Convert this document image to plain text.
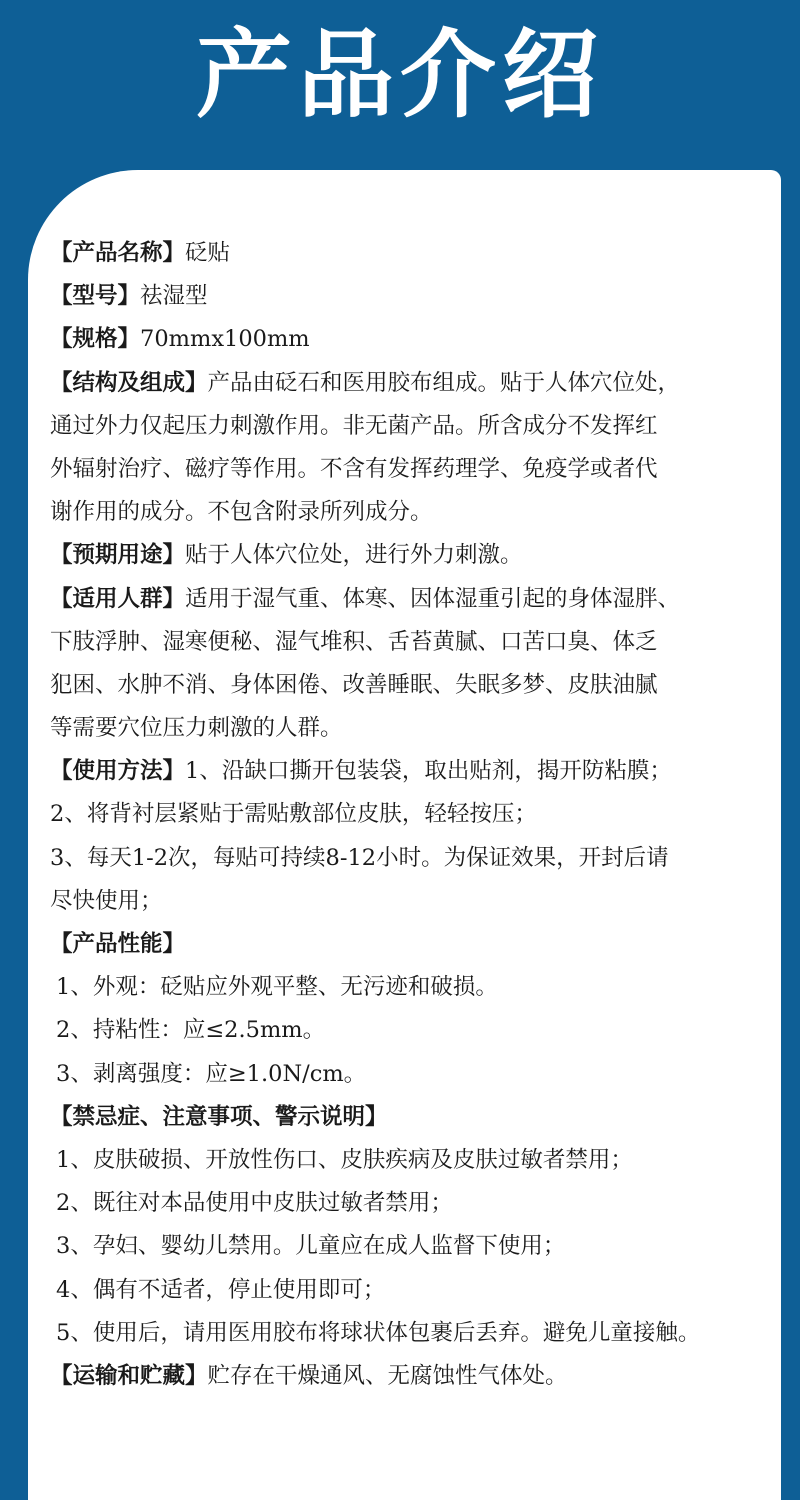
产品介绍
【产品名称】砭贴
【型号】祛湿型
【规格】70mmx100mm
【结构及组成】产品由砭石和医用胶布组成。贴于人体穴位处，
通过外力仅起压力刺激作用。非无菌产品。所含成分不发挥红
外辐射治疗、磁疗等作用。不含有发挥药理学、免疫学或者代
谢作用的成分。不包含附录所列成分。
【预期用途】贴于人体穴位处，进行外力刺激。
【适用人群】适用于湿气重、体寒、因体湿重引起的身体湿胖、
下肢浮肿、湿寒便秘、湿气堆积、舌苔黄腻、口苦口臭、体乏
犯困、水肿不消、身体困倦、改善睡眠、失眠多梦、皮肤油腻
等需要穴位压力刺激的人群。
【使用方法】1、沿缺口撕开包装袋，取出贴剂，揭开防粘膜；
2、将背衬层紧贴于需贴敷部位皮肤，轻轻按压；
3、每天1-2次，每贴可持续8-12小时。为保证效果，开封后请
尽快使用；
【产品性能】
1、外观：砭贴应外观平整、无污迹和破损。
2、持粘性：应≤2.5mm。
3、剥离强度：应≥1.0N/cm。
【禁忌症、注意事项、警示说明】
1、皮肤破损、开放性伤口、皮肤疾病及皮肤过敏者禁用；
2、既往对本品使用中皮肤过敏者禁用；
3、孕妇、婴幼儿禁用。儿童应在成人监督下使用；
4、偶有不适者，停止使用即可；
5、使用后，请用医用胶布将球状体包裹后丢弃。避免儿童接触。
【运输和贮藏】贮存在干燥通风、无腐蚀性气体处。
